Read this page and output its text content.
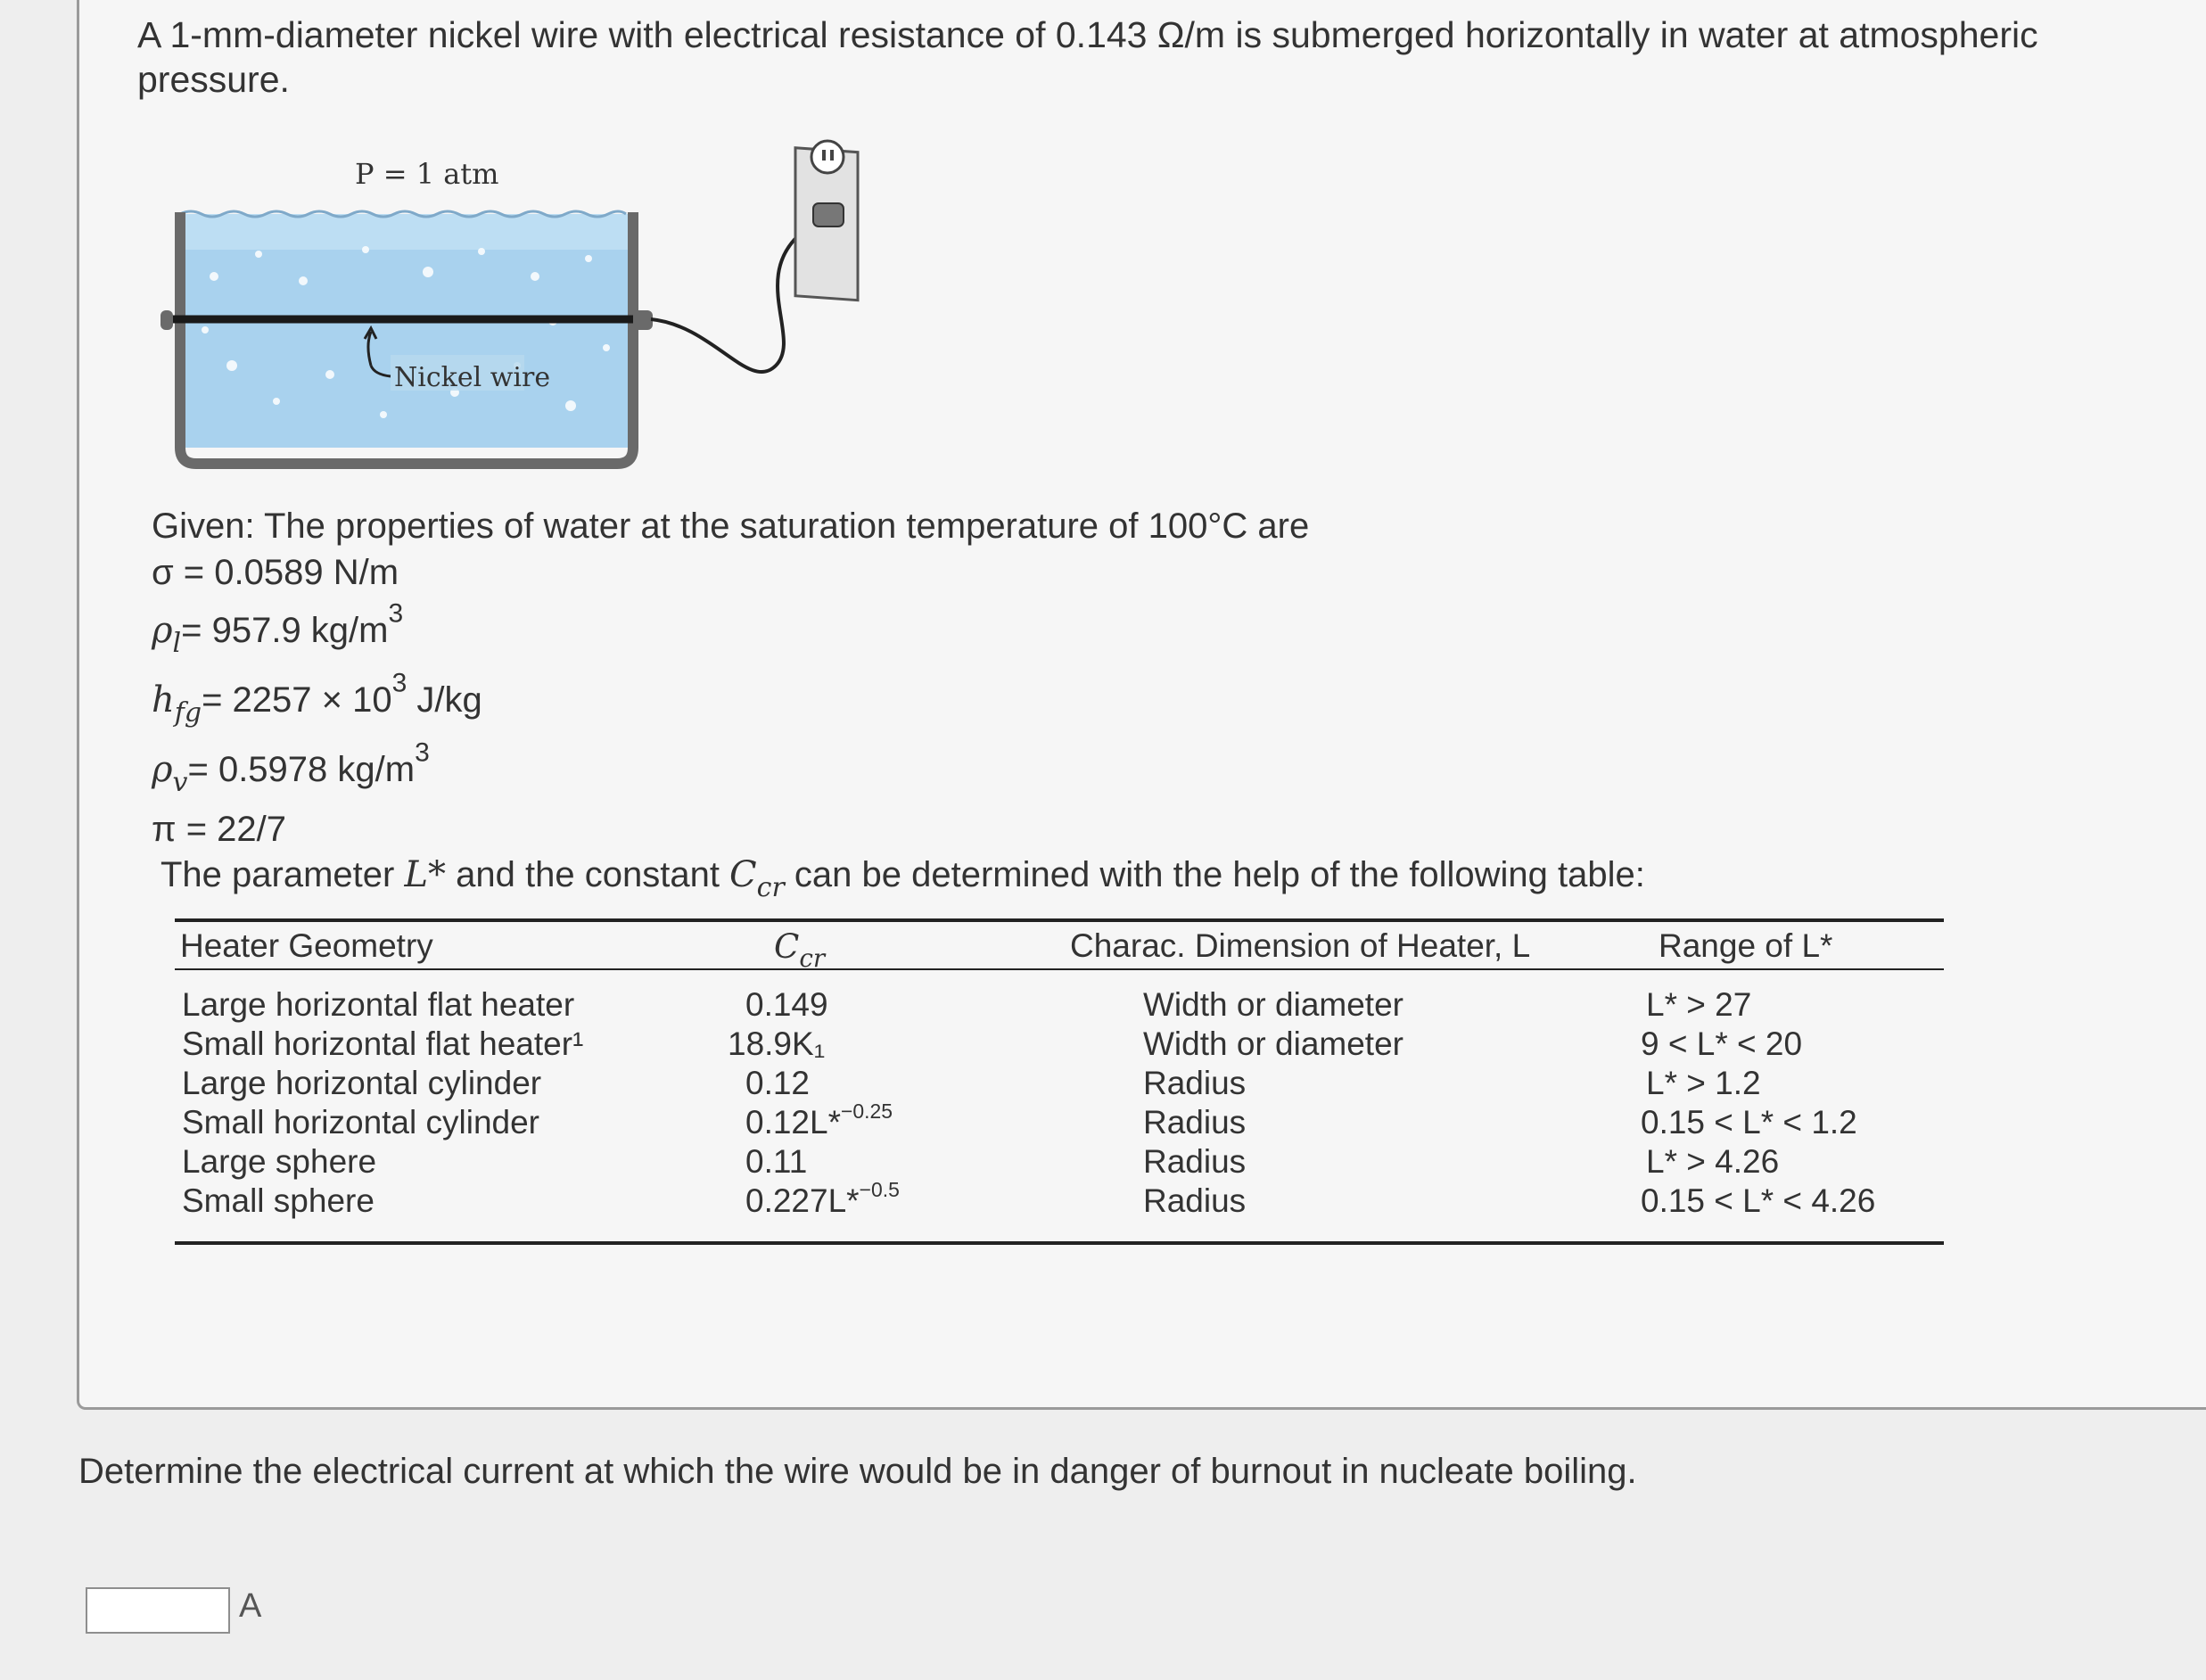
A 1-mm-diameter nickel wire with electrical resistance of 0.143 Ω/m is submerged horizontally in water at atmospheric pressure.
P = 1 atm
Nickel wire
Given: The properties of water at the saturation temperature of 100°C are
σ = 0.0589 N/m
$\rho_l= 957.9$ $kg/m^3$
$h_{fg}= 2257 \times 10^3$ J/kg
$\rho_v= 0.5978$ $kg/m^3$
π = 22/7
The parameter L* and the constant $C_{cr}$ can be determined with the help of the following table:
Heater Geometry	$C_{cr}$	Charac. Dimension of Heater, L	Range of L*
Large horizontal flat heater	0.149	Width or diameter	L* > 27
Small horizontal flat heater¹	18.9K₁	Width or diameter	9 < L* < 20
Large horizontal cylinder	0.12	Radius	L* > 1.2
Small horizontal cylinder	0.12L*$^{-0.25}$	Radius	0.15 < L* < 1.2
Large sphere	0.11	Radius	L* > 4.26
Small sphere	0.227L*$^{-0.5}$	Radius	0.15 < L* < 4.26
Determine the electrical current at which the wire would be in danger of burnout in nucleate boiling.
A
